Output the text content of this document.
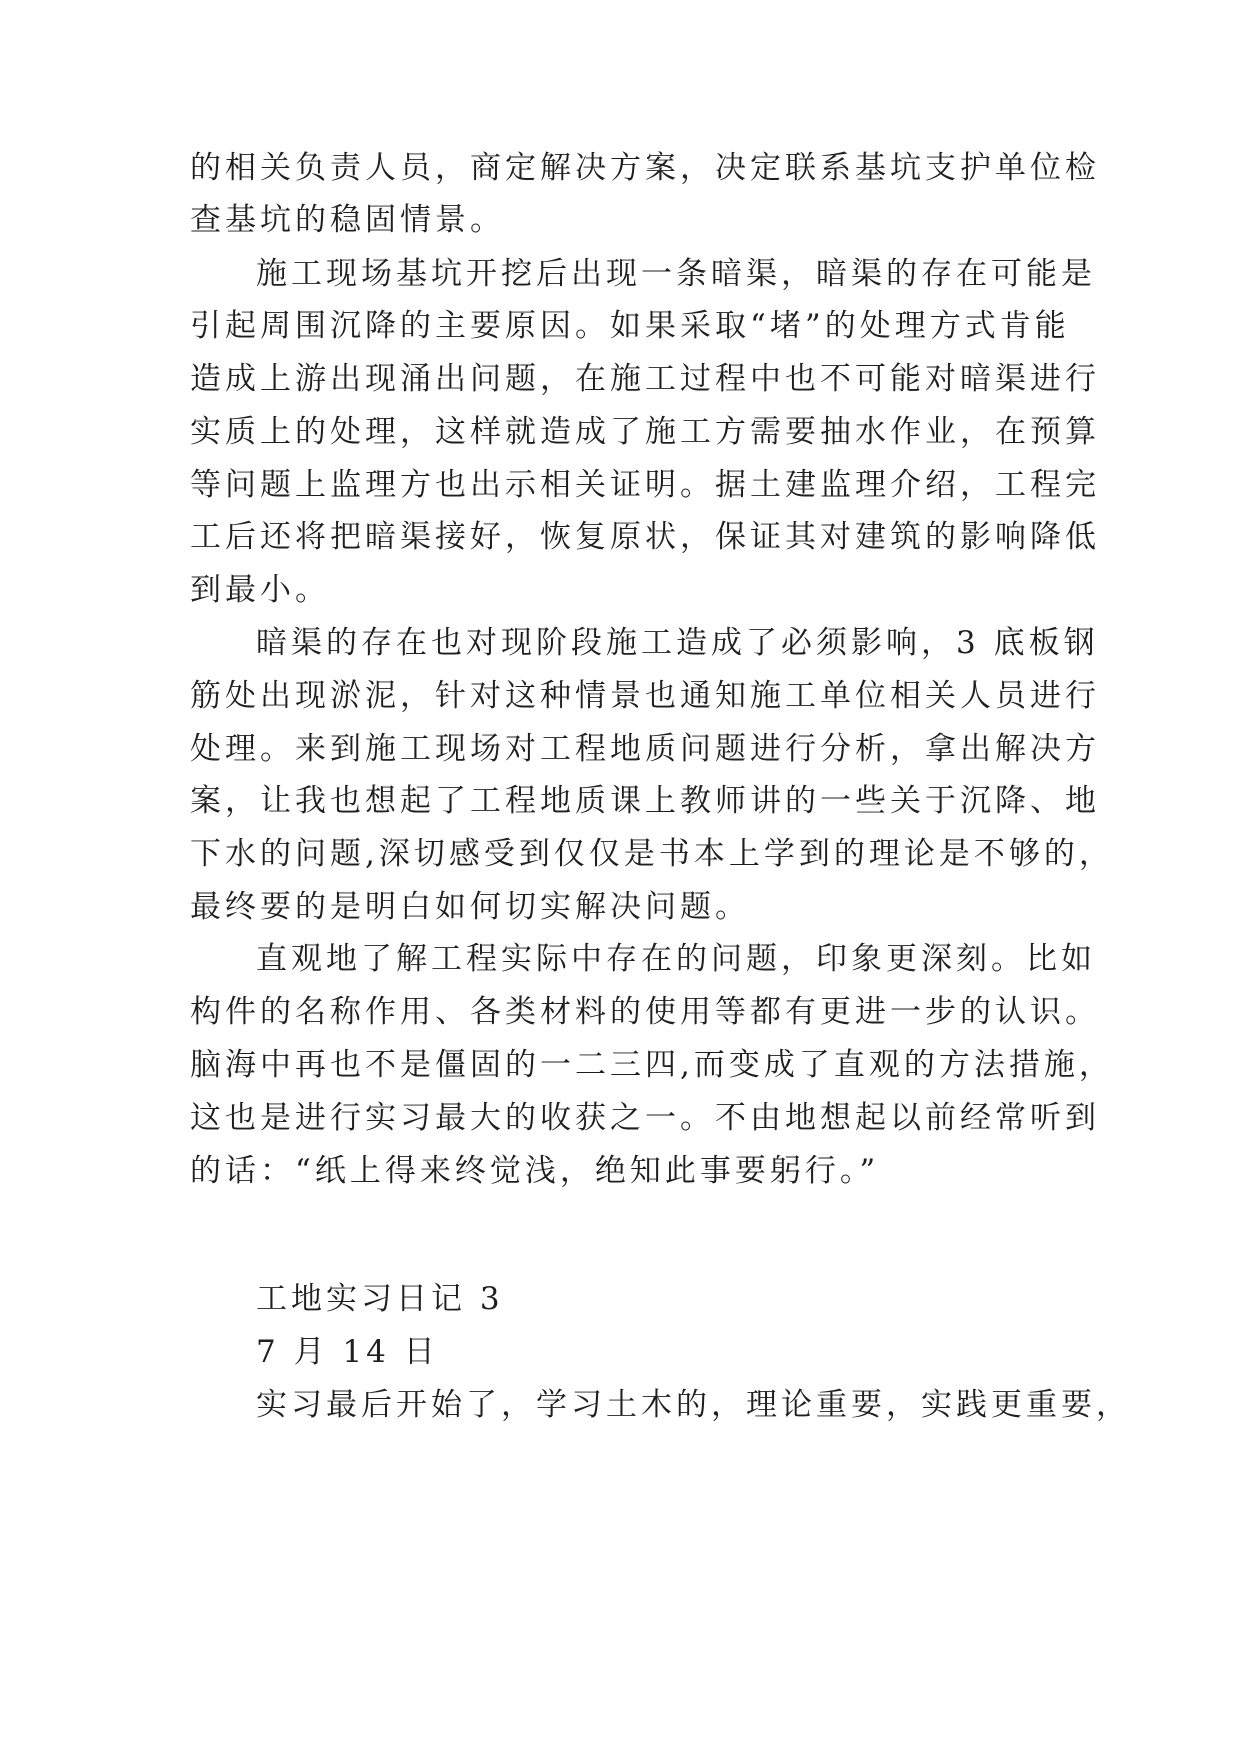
的相关负责人员，商定解决方案，决定联系基坑支护单位检
查基坑的稳固情景。
施工现场基坑开挖后出现一条暗渠，暗渠的存在可能是
引起周围沉降的主要原因。如果采取“堵”的处理方式肯能
造成上游出现涌出问题，在施工过程中也不可能对暗渠进行
实质上的处理，这样就造成了施工方需要抽水作业，在预算
等问题上监理方也出示相关证明。据土建监理介绍，工程完
工后还将把暗渠接好，恢复原状，保证其对建筑的影响降低
到最小。
暗渠的存在也对现阶段施工造成了必须影响，3 底板钢
筋处出现淤泥，针对这种情景也通知施工单位相关人员进行
处理。来到施工现场对工程地质问题进行分析，拿出解决方
案，让我也想起了工程地质课上教师讲的一些关于沉降、地
下水的问题,深切感受到仅仅是书本上学到的理论是不够的，
最终要的是明白如何切实解决问题。
直观地了解工程实际中存在的问题，印象更深刻。比如
构件的名称作用、各类材料的使用等都有更进一步的认识。
脑海中再也不是僵固的一二三四,而变成了直观的方法措施，
这也是进行实习最大的收获之一。不由地想起以前经常听到
的话：“纸上得来终觉浅，绝知此事要躬行。”
工地实习日记 3
7 月 14 日
实习最后开始了，学习土木的，理论重要，实践更重要，
